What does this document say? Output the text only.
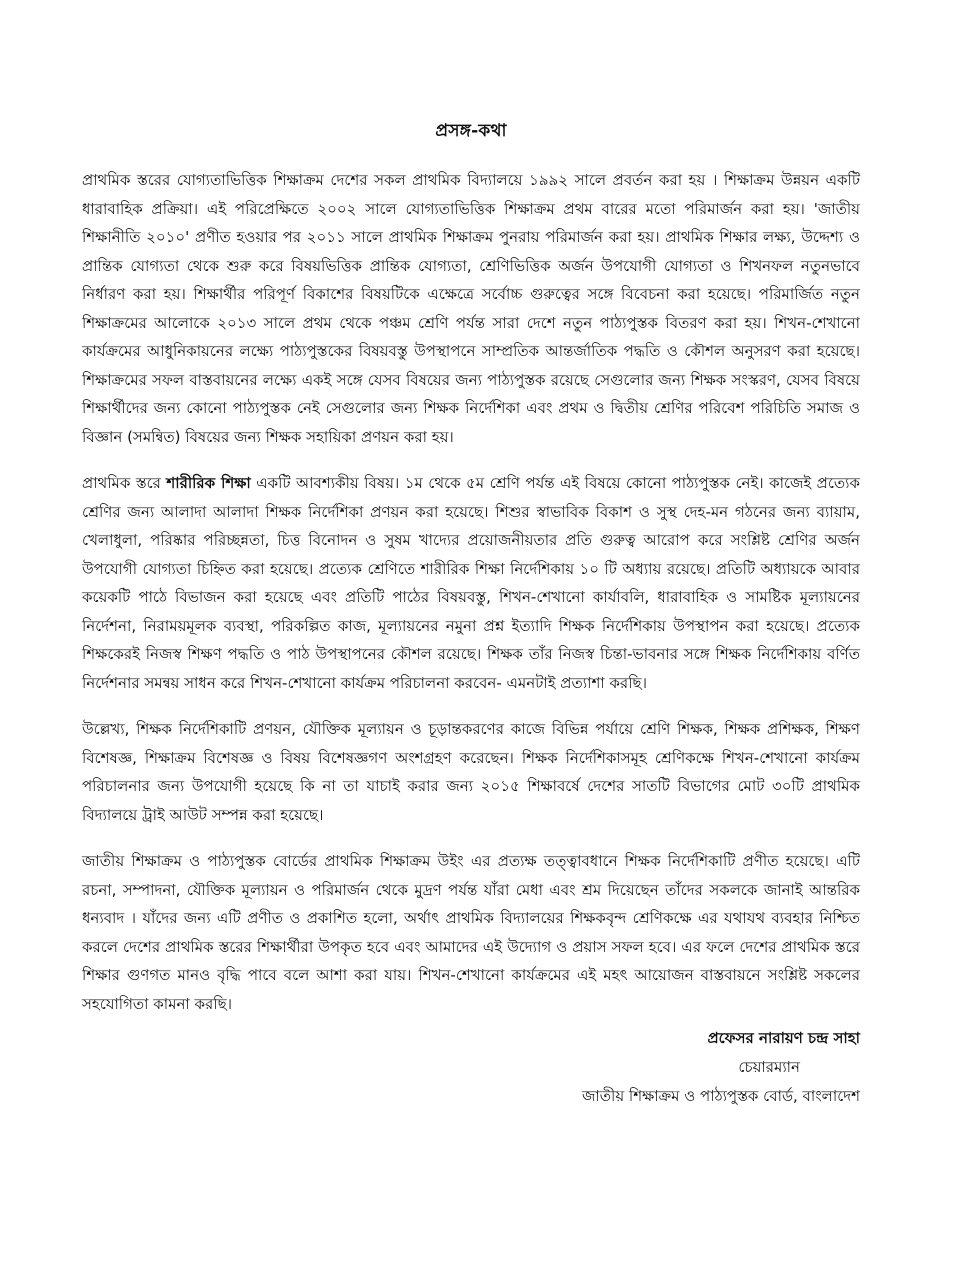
প্রসঙ্গ-কথা

প্রাথমিক স্তরের যোগ্যতাভিত্তিক শিক্ষাক্রম দেশের সকল প্রাথমিক বিদ্যালয়ে ১৯৯২ সালে প্রবর্তন করা হয় । শিক্ষাক্রম উন্নয়ন একটি ধারাবাহিক প্রক্রিয়া। এই পরিপ্রেক্ষিতে ২০০২ সালে যোগ্যতাভিত্তিক শিক্ষাক্রম প্রথম বারের মতো পরিমার্জন করা হয়। 'জাতীয় শিক্ষানীতি ২০১০' প্রণীত হওয়ার পর ২০১১ সালে প্রাথমিক শিক্ষাক্রম পুনরায় পরিমার্জন করা হয়। প্রাথমিক শিক্ষার লক্ষ্য, উদ্দেশ্য ও প্রান্তিক যোগ্যতা থেকে শুরু করে বিষয়ভিত্তিক প্রান্তিক যোগ্যতা, শ্রেণিভিত্তিক অর্জন উপযোগী যোগ্যতা ও শিখনফল নতুনভাবে নির্ধারণ করা হয়। শিক্ষার্থীর পরিপূর্ণ বিকাশের বিষয়টিকে এক্ষেত্রে সর্বোচ্চ গুরুত্বের সঙ্গে বিবেচনা করা হয়েছে। পরিমার্জিত নতুন শিক্ষাক্রমের আলোকে ২০১৩ সালে প্রথম থেকে পঞ্চম শ্রেণি পর্যন্ত সারা দেশে নতুন পাঠ্যপুস্তক বিতরণ করা হয়। শিখন-শেখানো কার্যক্রমের আধুনিকায়নের লক্ষ্যে পাঠ্যপুস্তকের বিষয়বস্তু উপস্থাপনে সাম্প্রতিক আন্তর্জাতিক পদ্ধতি ও কৌশল অনুসরণ করা হয়েছে। শিক্ষাক্রমের সফল বাস্তবায়নের লক্ষ্যে একই সঙ্গে যেসব বিষয়ের জন্য পাঠ্যপুস্তক রয়েছে সেগুলোর জন্য শিক্ষক সংস্করণ, যেসব বিষয়ে শিক্ষার্থীদের জন্য কোনো পাঠ্যপুস্তক নেই সেগুলোর জন্য শিক্ষক নির্দেশিকা এবং প্রথম ও দ্বিতীয় শ্রেণির পরিবেশ পরিচিতি সমাজ ও বিজ্ঞান (সমন্বিত) বিষয়ের জন্য শিক্ষক সহায়িকা প্রণয়ন করা হয়।

প্রাথমিক স্তরে শারীরিক শিক্ষা একটি আবশ্যকীয় বিষয়। ১ম থেকে ৫ম শ্রেণি পর্যন্ত এই বিষয়ে কোনো পাঠ্যপুস্তক নেই। কাজেই প্রত্যেক শ্রেণির জন্য আলাদা আলাদা শিক্ষক নির্দেশিকা প্রণয়ন করা হয়েছে। শিশুর স্বাভাবিক বিকাশ ও সুস্থ দেহ-মন গঠনের জন্য ব্যায়াম, খেলাধুলা, পরিষ্কার পরিচ্ছন্নতা, চিত্ত বিনোদন ও সুষম খাদ্যের প্রয়োজনীয়তার প্রতি গুরুত্ব আরোপ করে সংশ্লিষ্ট শ্রেণির অর্জন উপযোগী যোগ্যতা চিহ্নিত করা হয়েছে। প্রত্যেক শ্রেণিতে শারীরিক শিক্ষা নির্দেশিকায় ১০ টি অধ্যায় রয়েছে। প্রতিটি অধ্যায়কে আবার কয়েকটি পাঠে বিভাজন করা হয়েছে এবং প্রতিটি পাঠের বিষয়বস্তু, শিখন-শেখানো কার্যাবলি, ধারাবাহিক ও সামষ্টিক মূল্যায়নের নির্দেশনা, নিরাময়মূলক ব্যবস্থা, পরিকল্পিত কাজ, মূল্যায়নের নমুনা প্রশ্ন ইত্যাদি শিক্ষক নির্দেশিকায় উপস্থাপন করা হয়েছে। প্রত্যেক শিক্ষকেরই নিজস্ব শিক্ষণ পদ্ধতি ও পাঠ উপস্থাপনের কৌশল রয়েছে। শিক্ষক তাঁর নিজস্ব চিন্তা-ভাবনার সঙ্গে শিক্ষক নির্দেশিকায় বর্ণিত নির্দেশনার সমন্বয় সাধন করে শিখন-শেখানো কার্যক্রম পরিচালনা করবেন- এমনটাই প্রত্যাশা করছি।

উল্লেখ্য, শিক্ষক নির্দেশিকাটি প্রণয়ন, যৌক্তিক মূল্যায়ন ও চূড়ান্তকরণের কাজে বিভিন্ন পর্যায়ে শ্রেণি শিক্ষক, শিক্ষক প্রশিক্ষক, শিক্ষণ বিশেষজ্ঞ, শিক্ষাক্রম বিশেষজ্ঞ ও বিষয় বিশেষজ্ঞগণ অংশগ্রহণ করেছেন। শিক্ষক নির্দেশিকাসমূহ শ্রেণিকক্ষে শিখন-শেখানো কার্যক্রম পরিচালনার জন্য উপযোগী হয়েছে কি না তা যাচাই করার জন্য ২০১৫ শিক্ষাবর্ষে দেশের সাতটি বিভাগের মোট ৩০টি প্রাথমিক বিদ্যালয়ে ট্রাই আউট সম্পন্ন করা হয়েছে।

জাতীয় শিক্ষাক্রম ও পাঠ্যপুস্তক বোর্ডের প্রাথমিক শিক্ষাক্রম উইং এর প্রত্যক্ষ তত্ত্বাবধানে শিক্ষক নির্দেশিকাটি প্রণীত হয়েছে। এটি রচনা, সম্পাদনা, যৌক্তিক মূল্যায়ন ও পরিমার্জন থেকে মুদ্রণ পর্যন্ত যাঁরা মেধা এবং শ্রম দিয়েছেন তাঁদের সকলকে জানাই আন্তরিক ধন্যবাদ । যাঁদের জন্য এটি প্রণীত ও প্রকাশিত হলো, অর্থাৎ প্রাথমিক বিদ্যালয়ের শিক্ষকবৃন্দ শ্রেণিকক্ষে এর যথাযথ ব্যবহার নিশ্চিত করলে দেশের প্রাথমিক স্তরের শিক্ষার্থীরা উপকৃত হবে এবং আমাদের এই উদ্যোগ ও প্রয়াস সফল হবে। এর ফলে দেশের প্রাথমিক স্তরে শিক্ষার গুণগত মানও বৃদ্ধি পাবে বলে আশা করা যায়। শিখন-শেখানো কার্যক্রমের এই মহৎ আয়োজন বাস্তবায়নে সংশ্লিষ্ট সকলের সহযোগিতা কামনা করছি।

প্রফেসর নারায়ণ চন্দ্র সাহা
চেয়ারম্যান
জাতীয় শিক্ষাক্রম ও পাঠ্যপুস্তক বোর্ড, বাংলাদেশ
